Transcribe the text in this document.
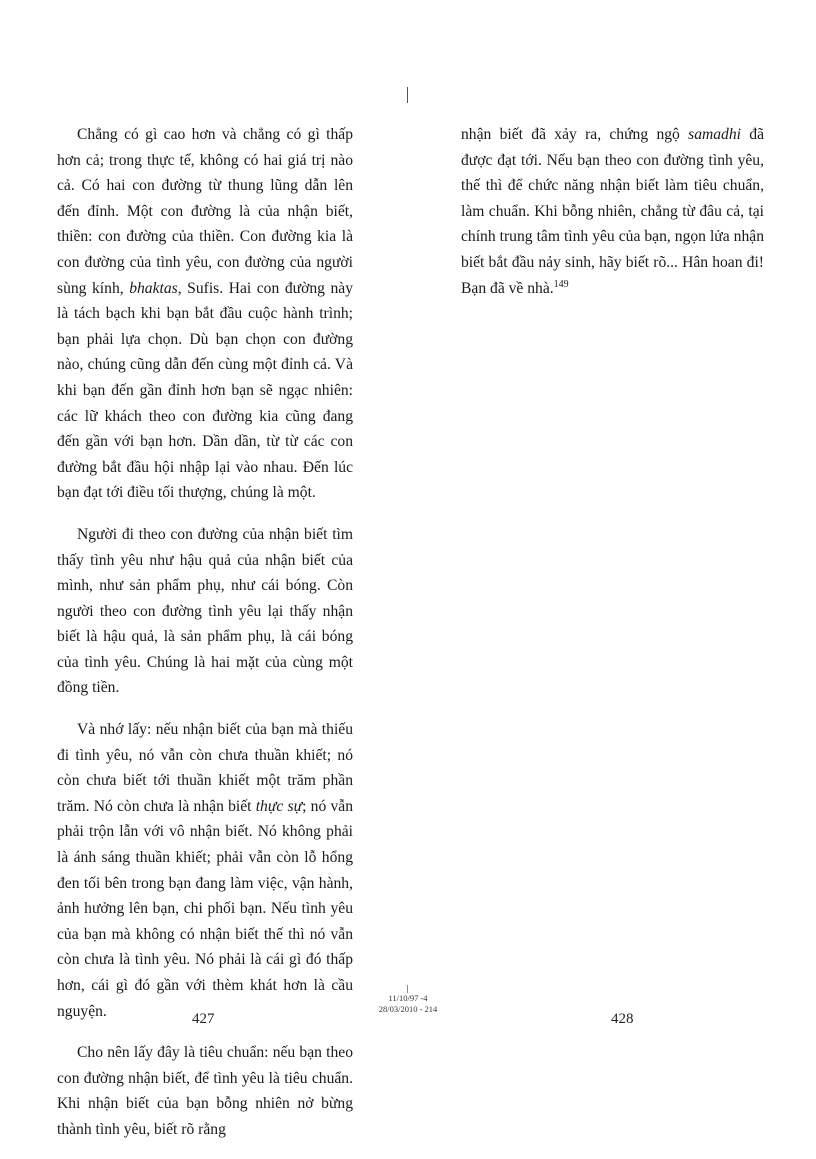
Chẳng có gì cao hơn và chẳng có gì thấp hơn cả; trong thực tế, không có hai giá trị nào cả. Có hai con đường từ thung lũng dẫn lên đến đỉnh. Một con đường là của nhận biết, thiền: con đường của thiền. Con đường kia là con đường của tình yêu, con đường của người sùng kính, bhaktas, Sufis. Hai con đường này là tách bạch khi bạn bắt đầu cuộc hành trình; bạn phải lựa chọn. Dù bạn chọn con đường nào, chúng cũng dẫn đến cùng một đỉnh cả. Và khi bạn đến gần đỉnh hơn bạn sẽ ngạc nhiên: các lữ khách theo con đường kia cũng đang đến gần với bạn hơn. Dần dần, từ từ các con đường bắt đầu hội nhập lại vào nhau. Đến lúc bạn đạt tới điều tối thượng, chúng là một.

Người đi theo con đường của nhận biết tìm thấy tình yêu như hậu quả của nhận biết của mình, như sản phẩm phụ, như cái bóng. Còn người theo con đường tình yêu lại thấy nhận biết là hậu quả, là sản phẩm phụ, là cái bóng của tình yêu. Chúng là hai mặt của cùng một đồng tiền.

Và nhớ lấy: nếu nhận biết của bạn mà thiếu đi tình yêu, nó vẫn còn chưa thuần khiết; nó còn chưa biết tới thuần khiết một trăm phần trăm. Nó còn chưa là nhận biết thực sự; nó vẫn phải trộn lẫn với vô nhận biết. Nó không phải là ánh sáng thuần khiết; phải vẫn còn lỗ hổng đen tối bên trong bạn đang làm việc, vận hành, ảnh hưởng lên bạn, chi phối bạn. Nếu tình yêu của bạn mà không có nhận biết thế thì nó vẫn còn chưa là tình yêu. Nó phải là cái gì đó thấp hơn, cái gì đó gần với thèm khát hơn là cầu nguyện.

Cho nên lấy đây là tiêu chuẩn: nếu bạn theo con đường nhận biết, để tình yêu là tiêu chuẩn. Khi nhận biết của bạn bỗng nhiên nở bừng thành tình yêu, biết rõ rằng

nhận biết đã xảy ra, chứng ngộ samadhi đã được đạt tới. Nếu bạn theo con đường tình yêu, thế thì để chức năng nhận biết làm tiêu chuẩn, làm chuẩn. Khi bỗng nhiên, chẳng từ đâu cả, tại chính trung tâm tình yêu của bạn, ngọn lửa nhận biết bắt đầu nảy sinh, hãy biết rõ... Hân hoan đi! Bạn đã về nhà.$^{149}$

11/10/97 -4
28/03/2010 - 214
427	428
